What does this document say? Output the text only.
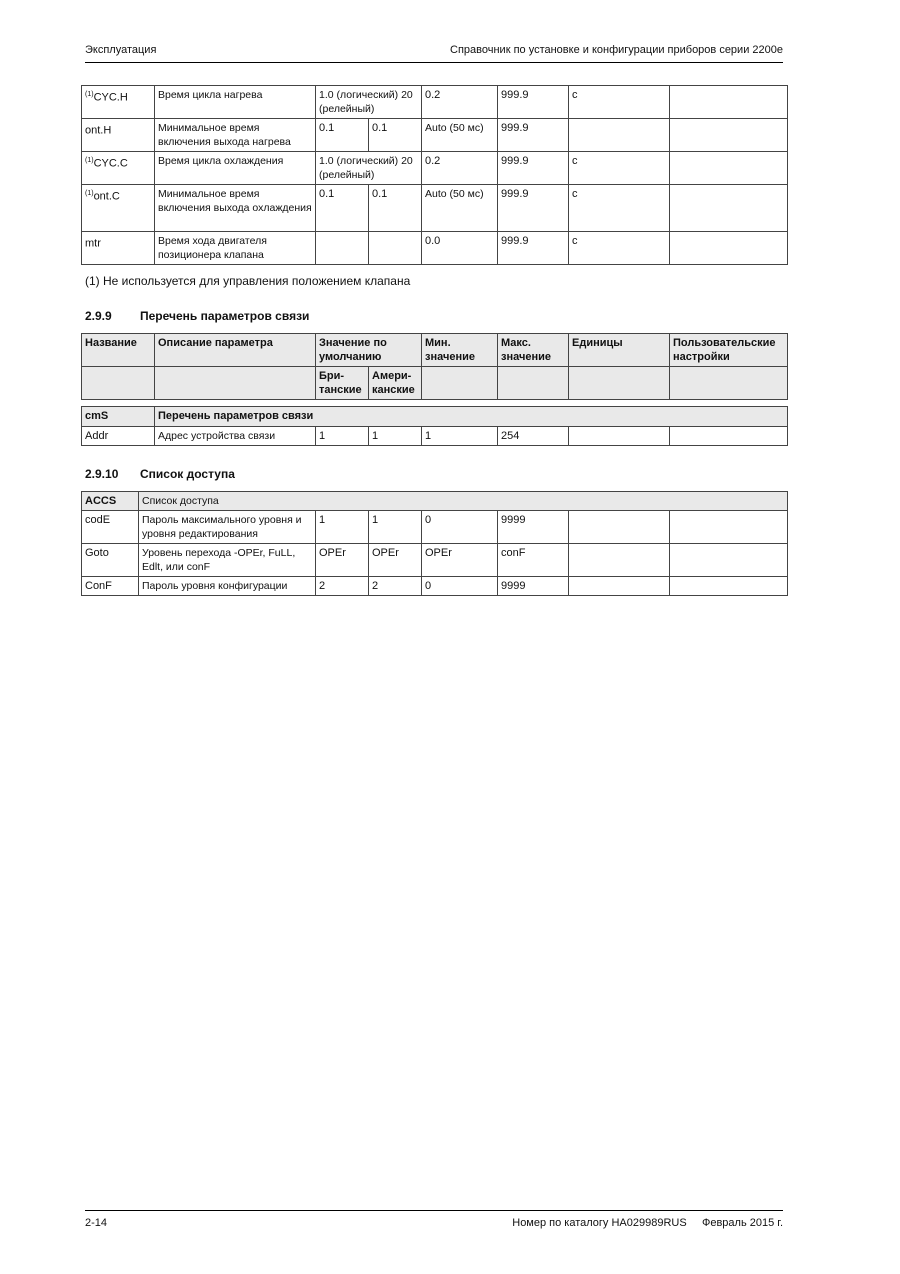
Эксплуатация	Справочник по установке и конфигурации приборов серии 2200e
$^{(1)}$CYC.H	Время цикла нагрева	1.0 (логический) 20 (релейный)		0.2	999.9	с	
ont.H	Минимальное время включения выхода нагрева	0.1	0.1	Auto (50 мс)	999.9		
$^{(1)}$CYC.C	Время цикла охлаждения	1.0 (логический) 20 (релейный)		0.2	999.9	с	
$^{(1)}$ont.C	Минимальное время включения выхода охлаждения	0.1	0.1	Auto (50 мс)	999.9	с	
mtr	Время хода двигателя позиционера клапана			0.0	999.9	с	
(1) Не используется для управления положением клапана
2.9.9 Перечень параметров связи
Название	Описание параметра	Значение по умолчанию		Мин. значение	Макс. значение	Единицы	Пользовательские настройки
		Бри-танские	Амери-канские				
cmS	Перечень параметров связи						
Addr	Адрес устройства связи	1	1	1	254		
2.9.10 Список доступа
ACCS	Список доступа						
codE	Пароль максимального уровня и уровня редактирования	1	1	0	9999		
Goto	Уровень перехода -OPEr, FuLL, Edlt, или conF	OPEr	OPEr	OPEr	conF		
ConF	Пароль уровня конфигурации	2	2	0	9999		
2-14	Номер по каталогу HA029989RUS     Февраль 2015 г.
